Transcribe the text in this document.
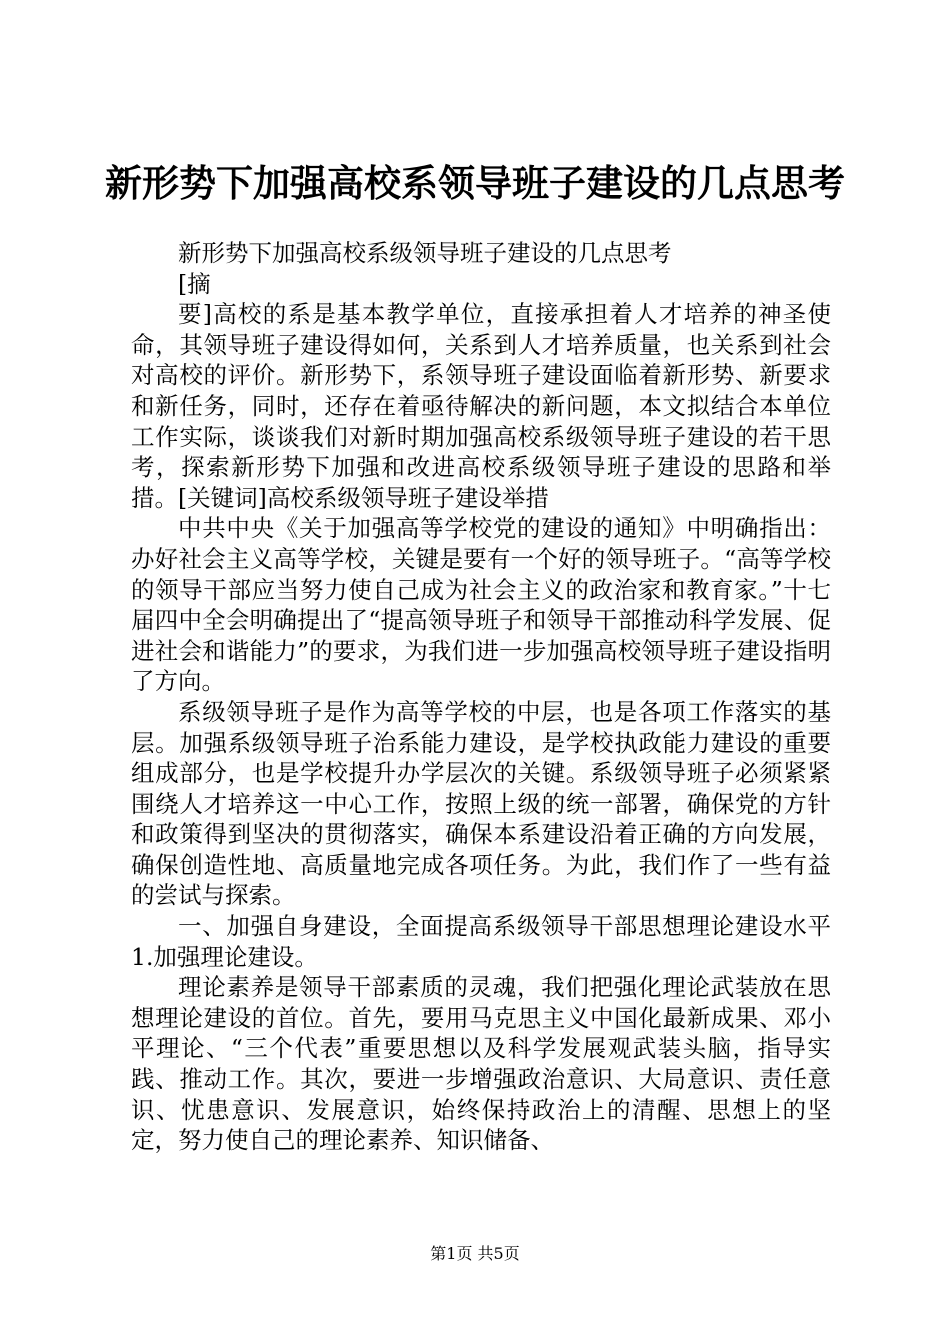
新形势下加强高校系领导班子建设的几点思考

新形势下加强高校系级领导班子建设的几点思考

[摘

要]高校的系是基本教学单位，直接承担着人才培养的神圣使命，其领导班子建设得如何，关系到人才培养质量，也关系到社会对高校的评价。新形势下，系领导班子建设面临着新形势、新要求和新任务，同时，还存在着亟待解决的新问题，本文拟结合本单位工作实际，谈谈我们对新时期加强高校系级领导班子建设的若干思考，探索新形势下加强和改进高校系级领导班子建设的思路和举措。[关键词]高校系级领导班子建设举措

中共中央《关于加强高等学校党的建设的通知》中明确指出：办好社会主义高等学校，关键是要有一个好的领导班子。“高等学校的领导干部应当努力使自己成为社会主义的政治家和教育家。”十七届四中全会明确提出了“提高领导班子和领导干部推动科学发展、促进社会和谐能力”的要求，为我们进一步加强高校领导班子建设指明了方向。

系级领导班子是作为高等学校的中层，也是各项工作落实的基层。加强系级领导班子治系能力建设，是学校执政能力建设的重要组成部分，也是学校提升办学层次的关键。系级领导班子必须紧紧围绕人才培养这一中心工作，按照上级的统一部署，确保党的方针和政策得到坚决的贯彻落实，确保本系建设沿着正确的方向发展，确保创造性地、高质量地完成各项任务。为此，我们作了一些有益的尝试与探索。

一、加强自身建设，全面提高系级领导干部思想理论建设水平1.加强理论建设。

理论素养是领导干部素质的灵魂，我们把强化理论武装放在思想理论建设的首位。首先，要用马克思主义中国化最新成果、邓小平理论、“三个代表”重要思想以及科学发展观武装头脑，指导实践、推动工作。其次，要进一步增强政治意识、大局意识、责任意识、忧患意识、发展意识，始终保持政治上的清醒、思想上的坚定，努力使自己的理论素养、知识储备、

第1页 共5页
